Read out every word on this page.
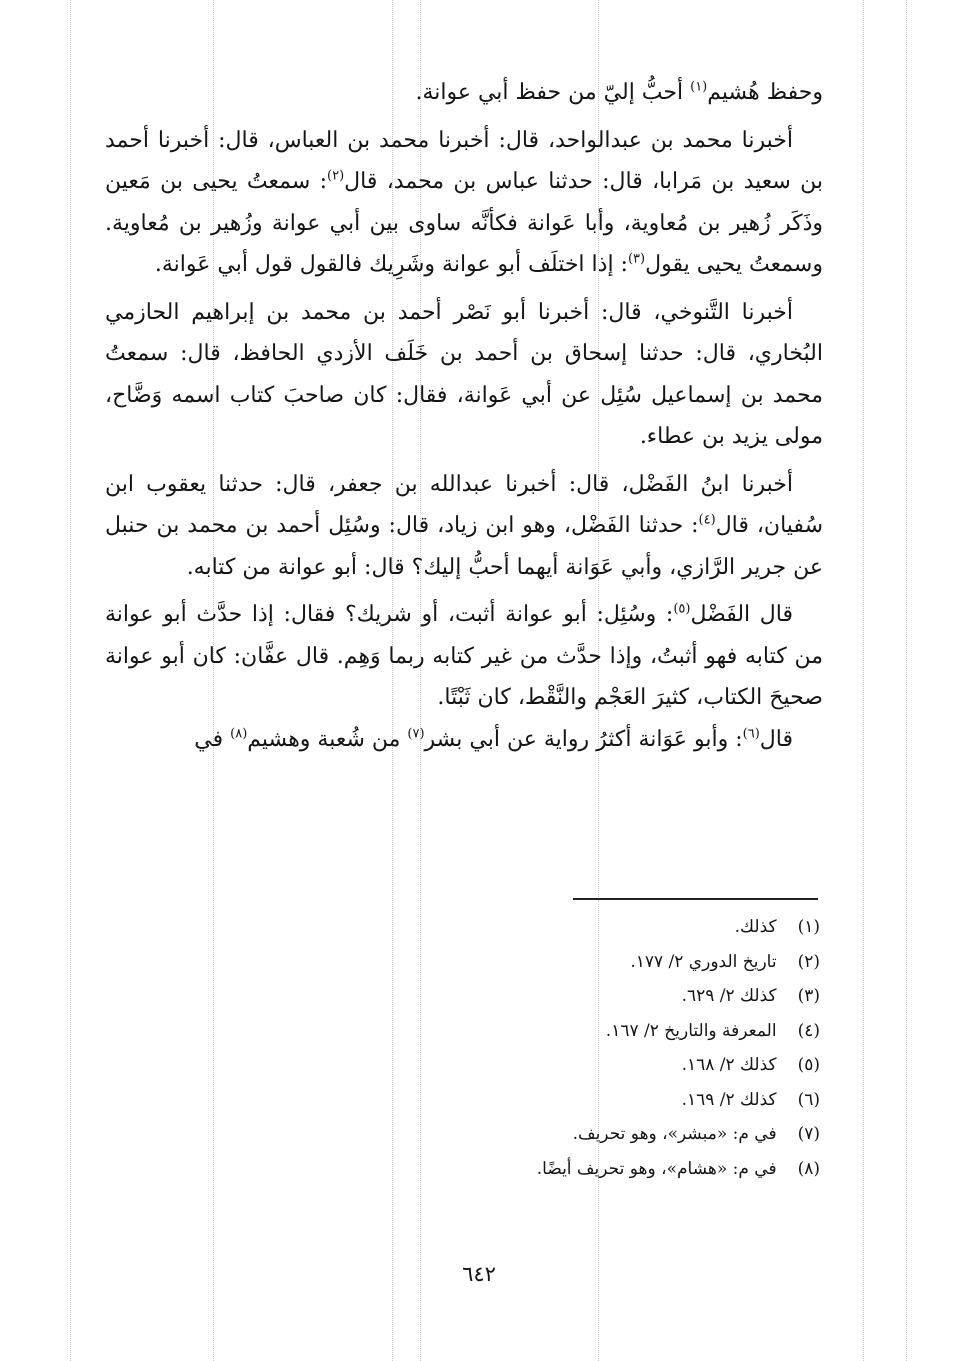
وحفظ هُشيم$^{(١)}$ أحبُّ إليّ من حفظ أبي عوانة.

أخبرنا محمد بن عبدالواحد، قال: أخبرنا محمد بن العباس، قال: أخبرنا أحمد بن سعيد بن مَرابا، قال: حدثنا عباس بن محمد، قال$^{(٢)}$: سمعتُ يحيى بن مَعين وذَكَر زُهير بن مُعاوية، وأبا عَوانة فكأنَّه ساوى بين أبي عوانة وزُهير بن مُعاوية. وسمعتُ يحيى يقول$^{(٣)}$: إذا اختلَف أبو عوانة وشَرِيك فالقول قول أبي عَوانة.

أخبرنا التَّنوخي، قال: أخبرنا أبو نَصْر أحمد بن محمد بن إبراهيم الحازمي البُخاري، قال: حدثنا إسحاق بن أحمد بن خَلَف الأزدي الحافظ، قال: سمعتُ محمد بن إسماعيل سُئِل عن أبي عَوانة، فقال: كان صاحبَ كتاب اسمه وَضَّاح، مولى يزيد بن عطاء.

أخبرنا ابنُ الفَضْل، قال: أخبرنا عبدالله بن جعفر، قال: حدثنا يعقوب ابن سُفيان، قال$^{(٤)}$: حدثنا الفَضْل، وهو ابن زياد، قال: وسُئِل أحمد بن محمد بن حنبل عن جرير الرَّازي، وأبي عَوَانة أيهما أحبُّ إليك؟ قال: أبو عوانة من كتابه.

قال الفَضْل$^{(٥)}$: وسُئِل: أبو عوانة أثبت، أو شريك؟ فقال: إذا حدَّث أبو عوانة من كتابه فهو أثبتُ، وإذا حدَّث من غير كتابه ربما وَهِم. قال عفَّان: كان أبو عوانة صحيحَ الكتاب، كثيرَ العَجْم والنَّقْط، كان ثَبْتًا.

قال$^{(٦)}$: وأبو عَوَانة أكثرُ رواية عن أبي بشر$^{(٧)}$ من شُعبة وهشيم$^{(٨)}$ في

(١) كذلك.
(٢) تاريخ الدوري ٢/ ١٧٧.
(٣) كذلك ٢/ ٦٢٩.
(٤) المعرفة والتاريخ ٢/ ١٦٧.
(٥) كذلك ٢/ ١٦٨.
(٦) كذلك ٢/ ١٦٩.
(٧) في م: «مبشر»، وهو تحريف.
(٨) في م: «هشام»، وهو تحريف أيضًا.
٦٤٢
